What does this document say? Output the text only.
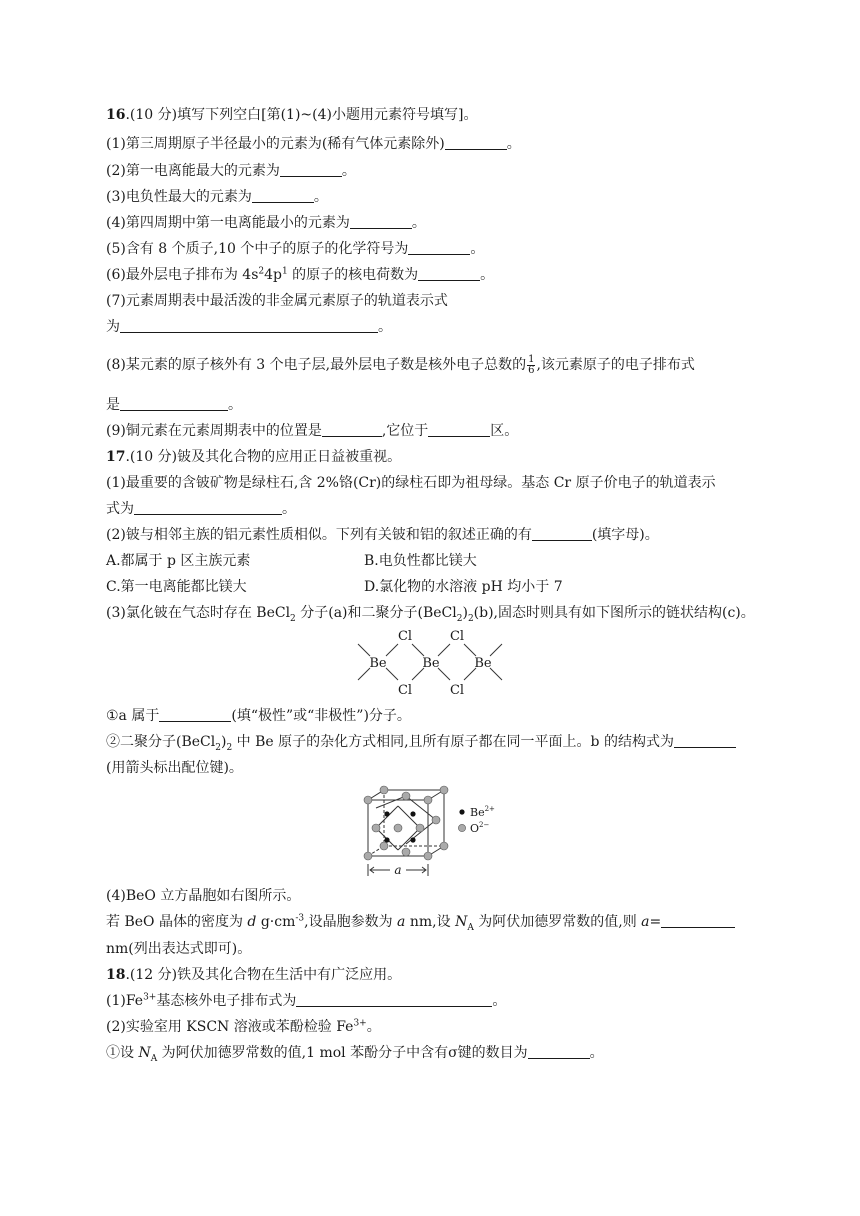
16.(10 分)填写下列空白[第(1)~(4)小题用元素符号填写]。
(1)第三周期原子半径最小的元素为(稀有气体元素除外)	。
(2)第一电离能最大的元素为	。
(3)电负性最大的元素为	。
(4)第四周期中第一电离能最小的元素为	。
(5)含有 8 个质子,10 个中子的原子的化学符号为	。
(6)最外层电子排布为 $4s^24p^1$ 的原子的核电荷数为	。
(7)元素周期表中最活泼的非金属元素原子的轨道表示式
为	。
(8)某元素的原子核外有 3 个电子层,最外层电子数是核外电子总数的 $\frac{1}{6}$ ,该元素原子的电子排布式
是	。
(9)铜元素在元素周期表中的位置是	,它位于	区。
17.(10 分)铍及其化合物的应用正日益被重视。
(1)最重要的含铍矿物是绿柱石,含 2%铬(Cr)的绿柱石即为祖母绿。基态 Cr 原子价电子的轨道表示
式为	。
(2)铍与相邻主族的铝元素性质相似。下列有关铍和铝的叙述正确的有	(填字母)。
A.都属于 p 区主族元素	B.电负性都比镁大
C.第一电离能都比镁大	D.氯化物的水溶液 pH 均小于 7
(3)氯化铍在气态时存在 BeCl$_2$ 分子(a)和二聚分子$(BeCl_2)_2(b)$,固态时则具有如下图所示的链状结构(c)。
Cl	Cl
Be	Be	Be
Cl	Cl
①a 属于	(填“极性”或“非极性”)分子。
②二聚分子$(BeCl_2)_2$ 中 Be 原子的杂化方式相同,且所有原子都在同一平面上。b 的结构式为
(用箭头标出配位键)。
a
$Be^{2+}$
$O^{2-}$
(4)BeO 立方晶胞如右图所示。
若 BeO 晶体的密度为 d $g\cdot cm^{-3}$,设晶胞参数为 a nm,设 $N_A$ 为阿伏加德罗常数的值,则 a=
nm(列出表达式即可)。
18.(12 分)铁及其化合物在生活中有广泛应用。
$(1)Fe^{3+}$基态核外电子排布式为	。
(2)实验室用 KSCN 溶液或苯酚检验 $Fe^{3+}$。
①设 $N_A$ 为阿伏加德罗常数的值,1 mol 苯酚分子中含有σ键的数目为	。
